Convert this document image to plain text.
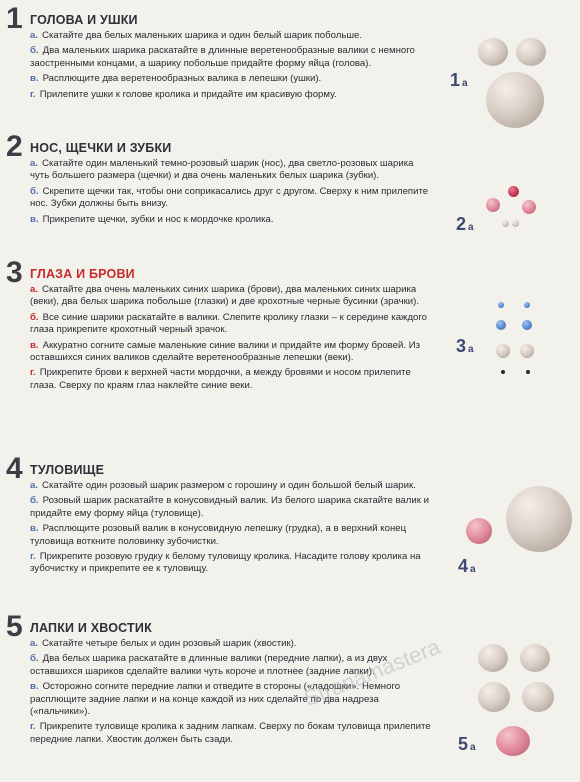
1 ГОЛОВА И УШКИ
а. Скатайте два белых маленьких шарика и один белый шарик побольше.
б. Два маленьких шарика раскатайте в длинные веретенообразные валики с немного заостренными концами, а шарику побольше придайте форму яйца (голова).
в. Расплющите два веретенообразных валика в лепешки (ушки).
г. Прилепите ушки к голове кролика и придайте им красивую форму.
1 а
2 НОС, ЩЕЧКИ И ЗУБКИ
а. Скатайте один маленький темно-розовый шарик (нос), два светло-розовых шарика чуть большего размера (щечки) и два очень маленьких белых шарика (зубки).
б. Скрепите щечки так, чтобы они соприкасались друг с другом. Сверху к ним прилепите нос. Зубки должны быть внизу.
в. Прикрепите щечки, зубки и нос к мордочке кролика.	2 а
3 ГЛАЗА И БРОВИ
а. Скатайте два очень маленьких синих шарика (брови), два маленьких синих шарика (веки), два белых шарика побольше (глазки) и две крохотные черные бусинки (зрачки).
б. Все синие шарики раскатайте в валики. Слепите кролику глазки – к середине каждого глаза прикрепите крохотный черный зрачок.
в. Аккуратно согните самые маленькие синие валики и придайте им форму бровей. Из оставшихся синих валиков сделайте веретенообразные лепешки (веки).
г. Прикрепите брови к верхней части мордочки, а между бровями и носом прилепите глаза. Сверху по краям глаз наклейте синие веки.
3 а
4 ТУЛОВИЩЕ
а. Скатайте один розовый шарик размером с горошину и один большой белый шарик.
б. Розовый шарик раскатайте в конусовидный валик. Из белого шарика скатайте валик и придайте ему форму яйца (туловище).
в. Расплющите розовый валик в конусовидную лепешку (грудка), а в верхний конец туловища воткните половинку зубочистки.
г. Прикрепите розовую грудку к белому туловищу кролика. Насадите голову кролика на зубочистку и прикрепите ее к туловищу.	4 а
5 ЛАПКИ И ХВОСТИК
а. Скатайте четыре белых и один розовый шарик (хвостик).
б. Два белых шарика раскатайте в длинные валики (передние лапки), а из двух оставшихся шариков сделайте валики чуть короче и плотнее (задние лапки).
в. Осторожно согните передние лапки и отведите в стороны («ладошки». Немного расплющите задние лапки и на конце каждой из них сделайте по два надреза («пальчики»).
г. Прикрепите туловище кролика к задним лапкам. Сверху по бокам туловища прилепите передние лапки. Хвостик должен быть сзади.	5 а
Stranamastera
